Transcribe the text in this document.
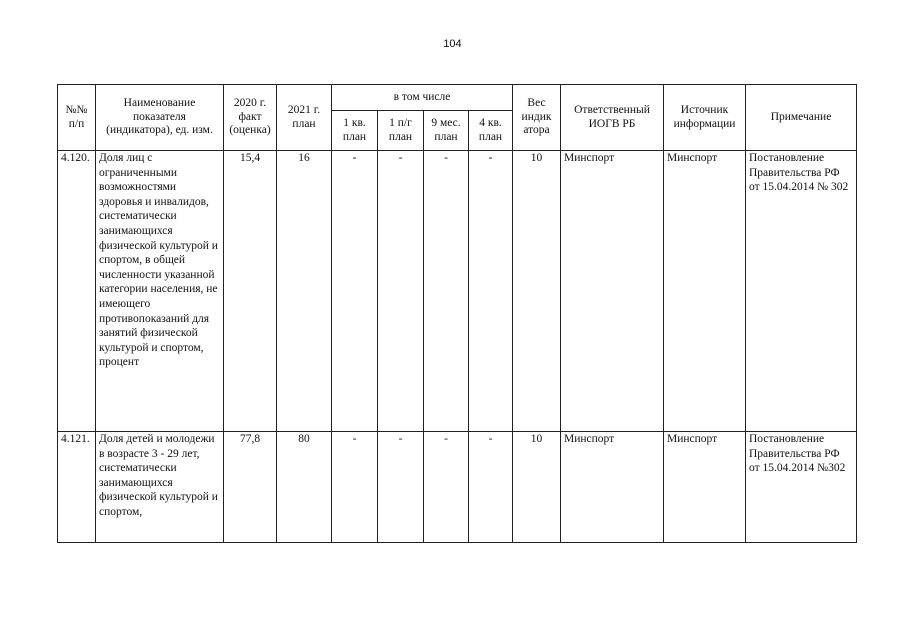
104
№№ п/п	Наименование показателя (индикатора), ед. изм.	2020 г. факт (оценка)	2021 г. план	в том числе				Вес индик атора	Ответственный ИОГВ РБ	Источник информации	Примечание
				1 кв. план	1 п/г план	9 мес. план	4 кв. план				
4.120.	Доля лиц с ограниченными возможностями здоровья и инвалидов, систематически занимающихся физической культурой и спортом, в общей численности указанной категории населения, не имеющего противопоказаний для занятий физической культурой и спортом, процент	15,4	16	-	-	-	-	10	Минспорт	Минспорт	Постановление Правительства РФ от 15.04.2014 № 302
4.121.	Доля детей и молодежи в возрасте 3 - 29 лет, систематически занимающихся физической культурой и спортом,	77,8	80	-	-	-	-	10	Минспорт	Минспорт	Постановление Правительства РФ от 15.04.2014 №302
